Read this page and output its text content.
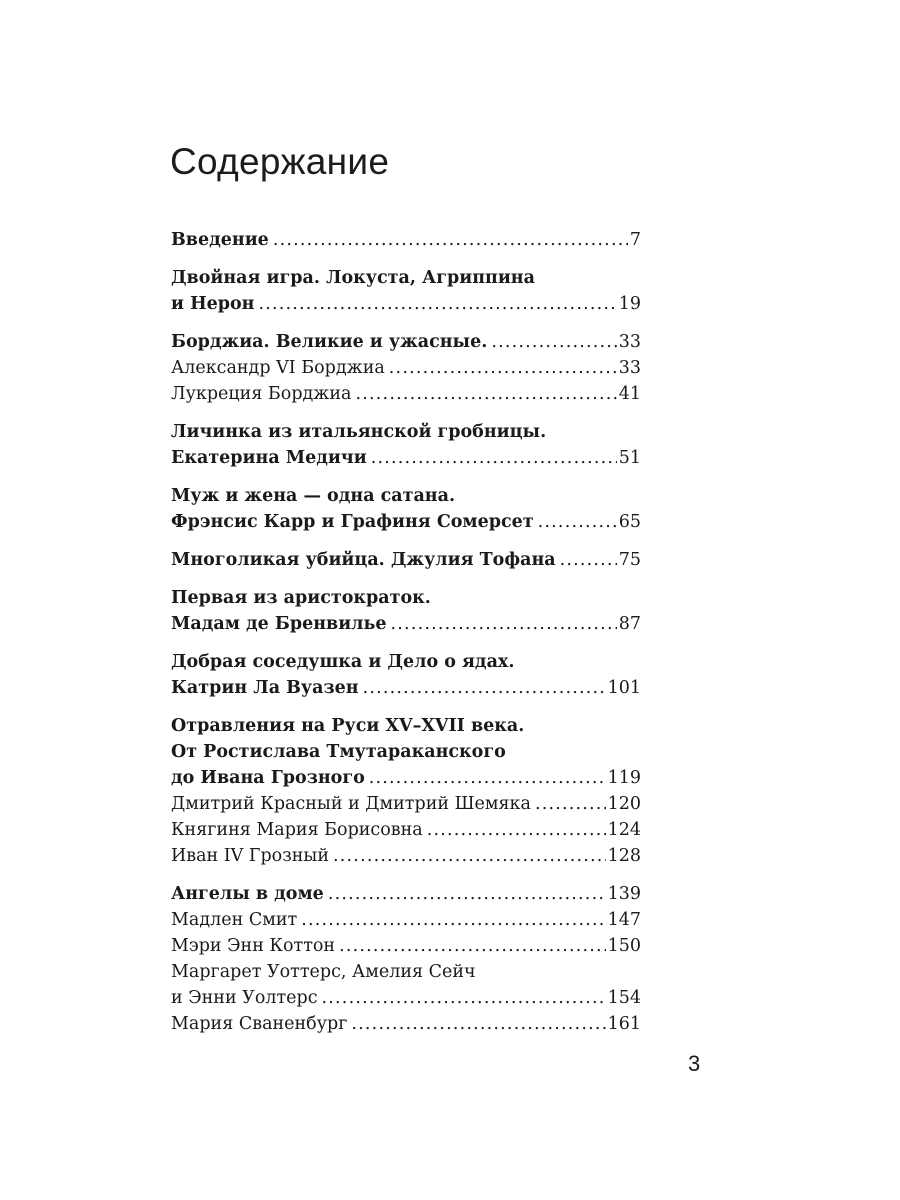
Содержание
Введение .....	7
Двойная игра. Локуста, Агриппина
и Нерон .....	19
Борджиа. Великие и ужасные. .....	33
Александр VI Борджиа .....	33
Лукреция Борджиа .....	41
Личинка из итальянской гробницы.
Екатерина Медичи .....	51
Муж и жена — одна сатана.
Фрэнсис Карр и Графиня Сомерсет .....	65
Многоликая убийца. Джулия Тофана .....	75
Первая из аристократок.
Мадам де Бренвилье .....	87
Добрая соседушка и Дело о ядах.
Катрин Ла Вуазен .....	101
Отравления на Руси XV–XVII века.
От Ростислава Тмутараканского
до Ивана Грозного .....	119
Дмитрий Красный и Дмитрий Шемяка .....	120
Княгиня Мария Борисовна .....	124
Иван IV Грозный .....	128
Ангелы в доме .....	139
Мадлен Смит .....	147
Мэри Энн Коттон .....	150
Маргарет Уоттерс, Амелия Сейч
и Энни Уолтерс .....	154
Мария Сваненбург .....	161

3
